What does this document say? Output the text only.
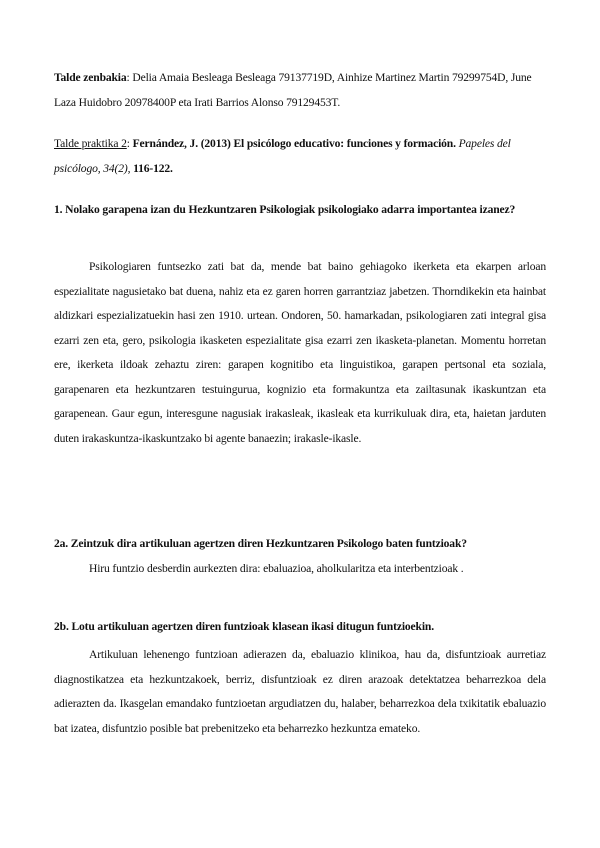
Talde zenbakia: Delia Amaia Besleaga Besleaga 79137719D, Ainhize Martinez Martin 79299754D, June Laza Huidobro 20978400P eta Irati Barrios Alonso 79129453T.
Talde praktika 2: Fernández, J. (2013) El psicólogo educativo: funciones y formación. Papeles del psicólogo, 34(2), 116-122.
1. Nolako garapena izan du Hezkuntzaren Psikologiak psikologiako adarra importantea izanez?
Psikologiaren funtsezko zati bat da, mende bat baino gehiagoko ikerketa eta ekarpen arloan espezialitate nagusietako bat duena, nahiz eta ez garen horren garrantziaz jabetzen. Thorndikekin eta hainbat aldizkari espezializatuekin hasi zen 1910. urtean. Ondoren, 50. hamarkadan, psikologiaren zati integral gisa ezarri zen eta, gero, psikologia ikasketen espezialitate gisa ezarri zen ikasketa-planetan. Momentu horretan ere, ikerketa ildoak zehaztu ziren: garapen kognitibo eta linguistikoa, garapen pertsonal eta soziala, garapenaren eta hezkuntzaren testuingurua, kognizio eta formakuntza eta zailtasunak ikaskuntzan eta garapenean. Gaur egun, interesgune nagusiak irakasleak, ikasleak eta kurrikuluak dira, eta, haietan jarduten duten irakaskuntza-ikaskuntzako bi agente banaezin; irakasle-ikasle.
2a. Zeintzuk dira artikuluan agertzen diren Hezkuntzaren Psikologo baten funtzioak?
Hiru funtzio desberdin aurkezten dira: ebaluazioa, aholkularitza eta interbentzioak .
2b. Lotu artikuluan agertzen diren funtzioak klasean ikasi ditugun funtzioekin.
Artikuluan lehenengo funtzioan adierazen da, ebaluazio klinikoa, hau da, disfuntzioak aurretiaz diagnostikatzea eta hezkuntzakoek, berriz, disfuntzioak ez diren arazoak detektatzea beharrezkoa dela adierazten da. Ikasgelan emandako funtzioetan argudiatzen du, halaber, beharrezkoa dela txikitatik ebaluazio bat izatea, disfuntzio posible bat prebenitzeko eta beharrezko hezkuntza emateko.
